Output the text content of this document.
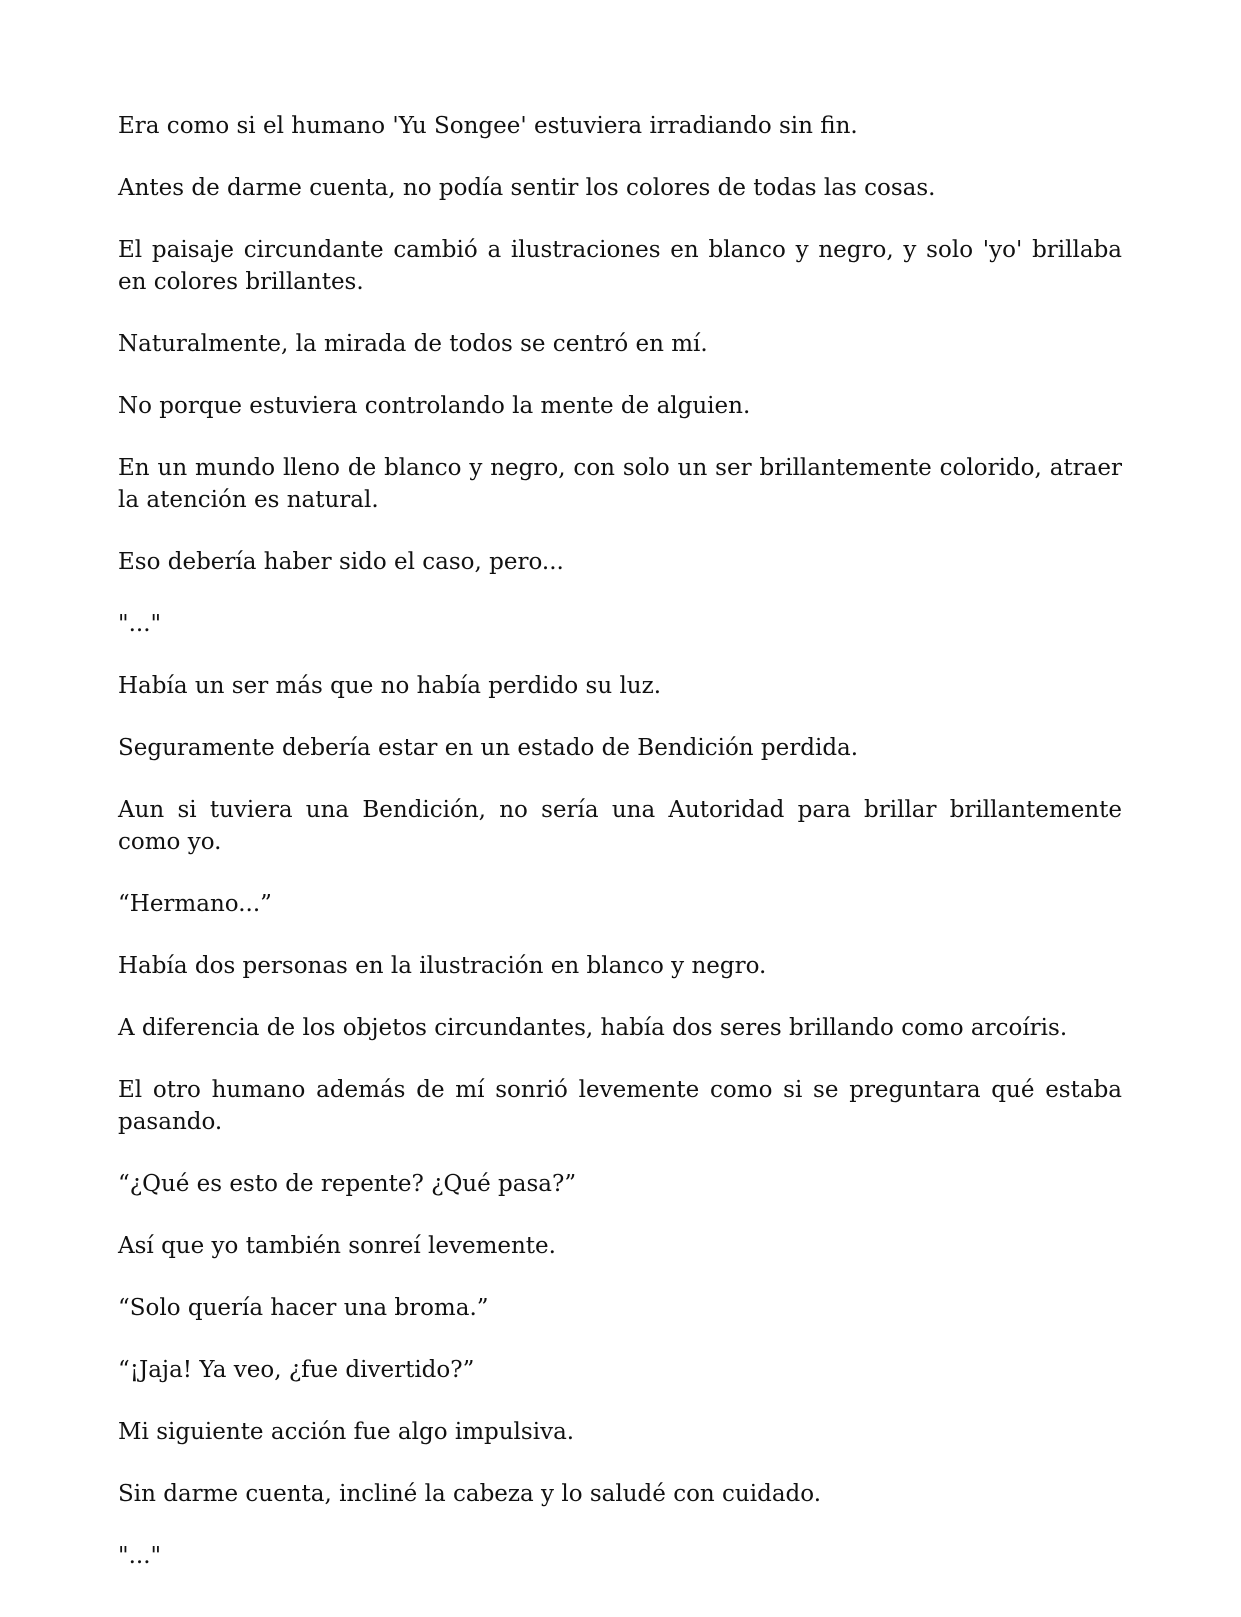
Era como si el humano 'Yu Songee' estuviera irradiando sin fin.

Antes de darme cuenta, no podía sentir los colores de todas las cosas.

El paisaje circundante cambió a ilustraciones en blanco y negro, y solo 'yo' brillaba en colores brillantes.

Naturalmente, la mirada de todos se centró en mí.

No porque estuviera controlando la mente de alguien.

En un mundo lleno de blanco y negro, con solo un ser brillantemente colorido, atraer la atención es natural.

Eso debería haber sido el caso, pero...

"..."

Había un ser más que no había perdido su luz.

Seguramente debería estar en un estado de Bendición perdida.

Aun si tuviera una Bendición, no sería una Autoridad para brillar brillantemente como yo.

“Hermano...”

Había dos personas en la ilustración en blanco y negro.

A diferencia de los objetos circundantes, había dos seres brillando como arcoíris.

El otro humano además de mí sonrió levemente como si se preguntara qué estaba pasando.

“¿Qué es esto de repente? ¿Qué pasa?”

Así que yo también sonreí levemente.

“Solo quería hacer una broma.”

“¡Jaja! Ya veo, ¿fue divertido?”

Mi siguiente acción fue algo impulsiva.

Sin darme cuenta, incliné la cabeza y lo saludé con cuidado.

"..."
